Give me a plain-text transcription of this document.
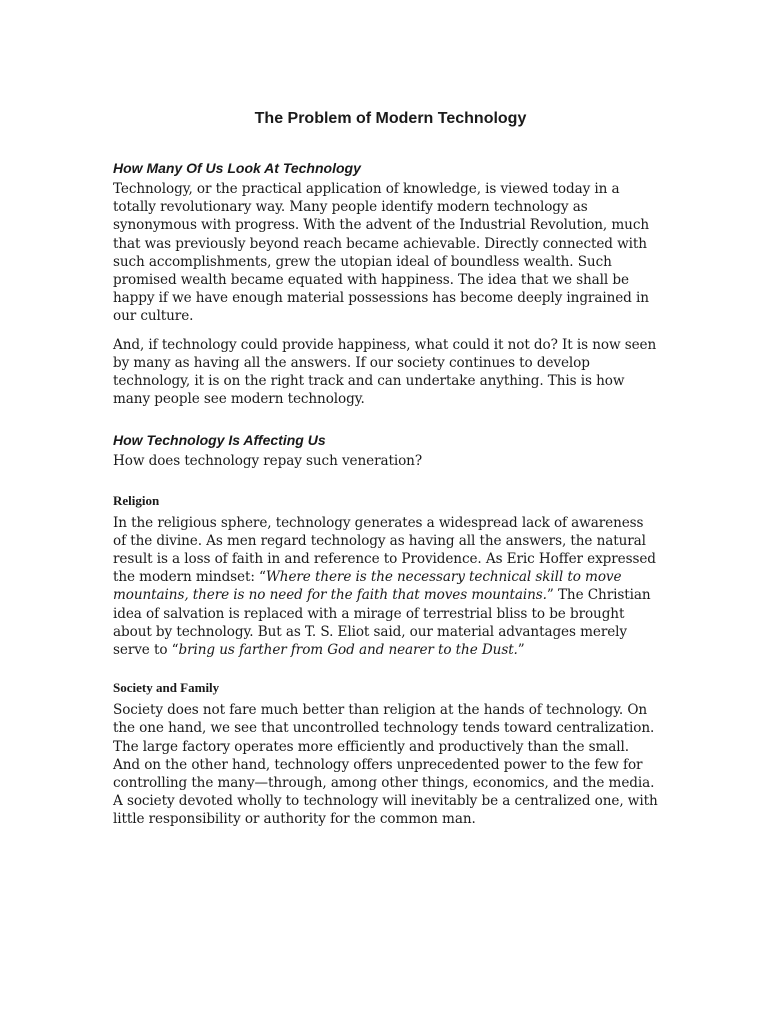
The Problem of Modern Technology
How Many Of Us Look At Technology

Technology, or the practical application of knowledge, is viewed today in a totally revolutionary way. Many people identify modern technology as synonymous with progress. With the advent of the Industrial Revolution, much that was previously beyond reach became achievable. Directly connected with such accomplishments, grew the utopian ideal of boundless wealth. Such promised wealth became equated with happiness. The idea that we shall be happy if we have enough material possessions has become deeply ingrained in our culture.

And, if technology could provide happiness, what could it not do? It is now seen by many as having all the answers. If our society continues to develop technology, it is on the right track and can undertake anything. This is how many people see modern technology.

How Technology Is Affecting Us

How does technology repay such veneration?

Religion

In the religious sphere, technology generates a widespread lack of awareness of the divine. As men regard technology as having all the answers, the natural result is a loss of faith in and reference to Providence. As Eric Hoffer expressed the modern mindset: “Where there is the necessary technical skill to move mountains, there is no need for the faith that moves mountains.” The Christian idea of salvation is replaced with a mirage of terrestrial bliss to be brought about by technology. But as T. S. Eliot said, our material advantages merely serve to “bring us farther from God and nearer to the Dust.”

Society and Family

Society does not fare much better than religion at the hands of technology. On the one hand, we see that uncontrolled technology tends toward centralization. The large factory operates more efficiently and productively than the small. And on the other hand, technology offers unprecedented power to the few for controlling the many—through, among other things, economics, and the media. A society devoted wholly to technology will inevitably be a centralized one, with little responsibility or authority for the common man.
